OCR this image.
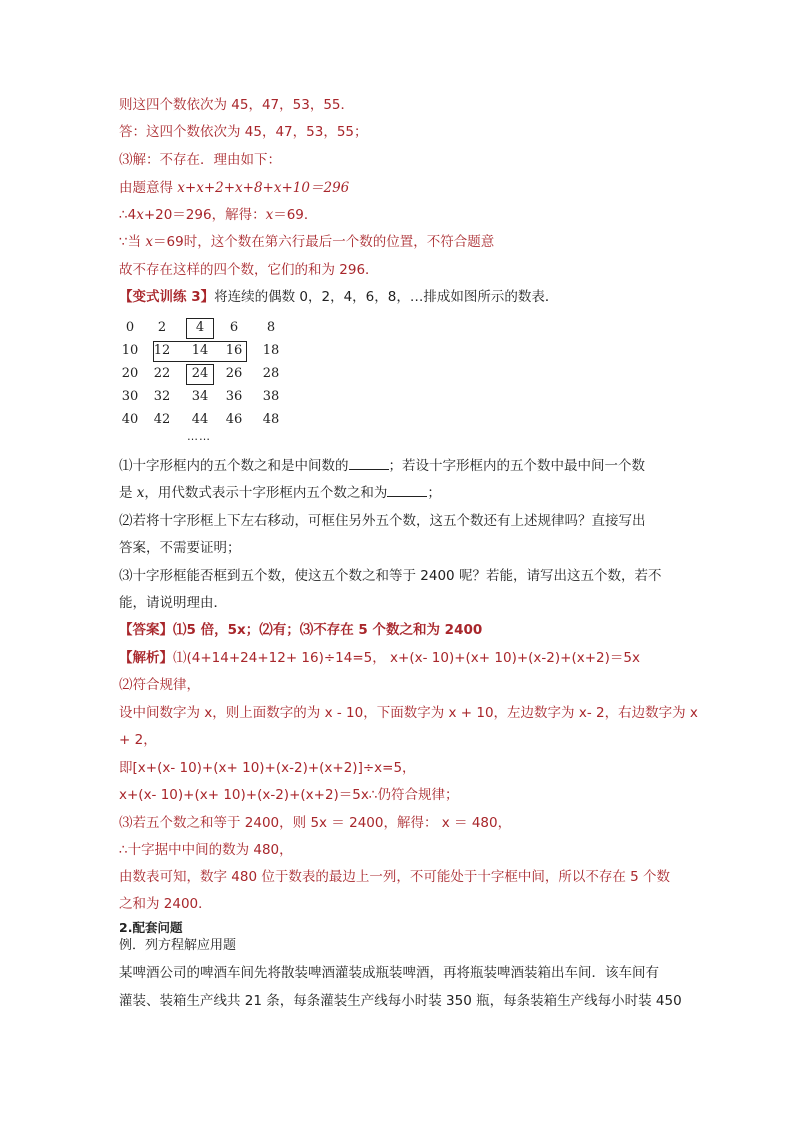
则这四个数依次为 45，47，53，55．
答：这四个数依次为 45，47，53，55；
⑶解：不存在．理由如下：
由题意得 x+x+2+x+8+x+10＝296
∴4x+20＝296，解得：x＝69．
∵当 x＝69时，这个数在第六行最后一个数的位置，不符合题意
故不存在这样的四个数，它们的和为 296．
【变式训练 3】将连续的偶数 0，2，4，6，8，…排成如图所示的数表．
……
0	2	4	6	8
10	12	14	16	18
20	22	24	26	28
30	32	34	36	38
40	42	44	46	48
⑴十字形框内的五个数之和是中间数的	；若设十字形框内的五个数中最中间一个数
是 x，用代数式表示十字形框内五个数之和为	；
⑵若将十字形框上下左右移动，可框住另外五个数，这五个数还有上述规律吗？直接写出
答案，不需要证明；
⑶十字形框能否框到五个数，使这五个数之和等于 2400 呢？若能，请写出这五个数，若不
能，请说明理由．
【答案】⑴5 倍，5x；⑵有；⑶不存在 5 个数之和为 2400
【解析】⑴(4+14+24+12+ 16)÷14=5， x+(x- 10)+(x+ 10)+(x-2)+(x+2)＝5x
⑵符合规律，
设中间数字为 x，则上面数字的为 x - 10，下面数字为 x + 10，左边数字为 x- 2，右边数字为 x
+ 2，
即[x+(x- 10)+(x+ 10)+(x-2)+(x+2)]÷x=5，
x+(x- 10)+(x+ 10)+(x-2)+(x+2)＝5x∴仍符合规律；
⑶若五个数之和等于 2400，则 5x ＝ 2400，解得： x ＝ 480，
∴十字据中中间的数为 480，
由数表可知，数字 480 位于数表的最边上一列，不可能处于十字框中间，所以不存在 5 个数
之和为 2400．
2.配套问题
例．列方程解应用题
某啤酒公司的啤酒车间先将散装啤酒灌装成瓶装啤酒，再将瓶装啤酒装箱出车间．该车间有
灌装、装箱生产线共 21 条，每条灌装生产线每小时装 350 瓶，每条装箱生产线每小时装 450
